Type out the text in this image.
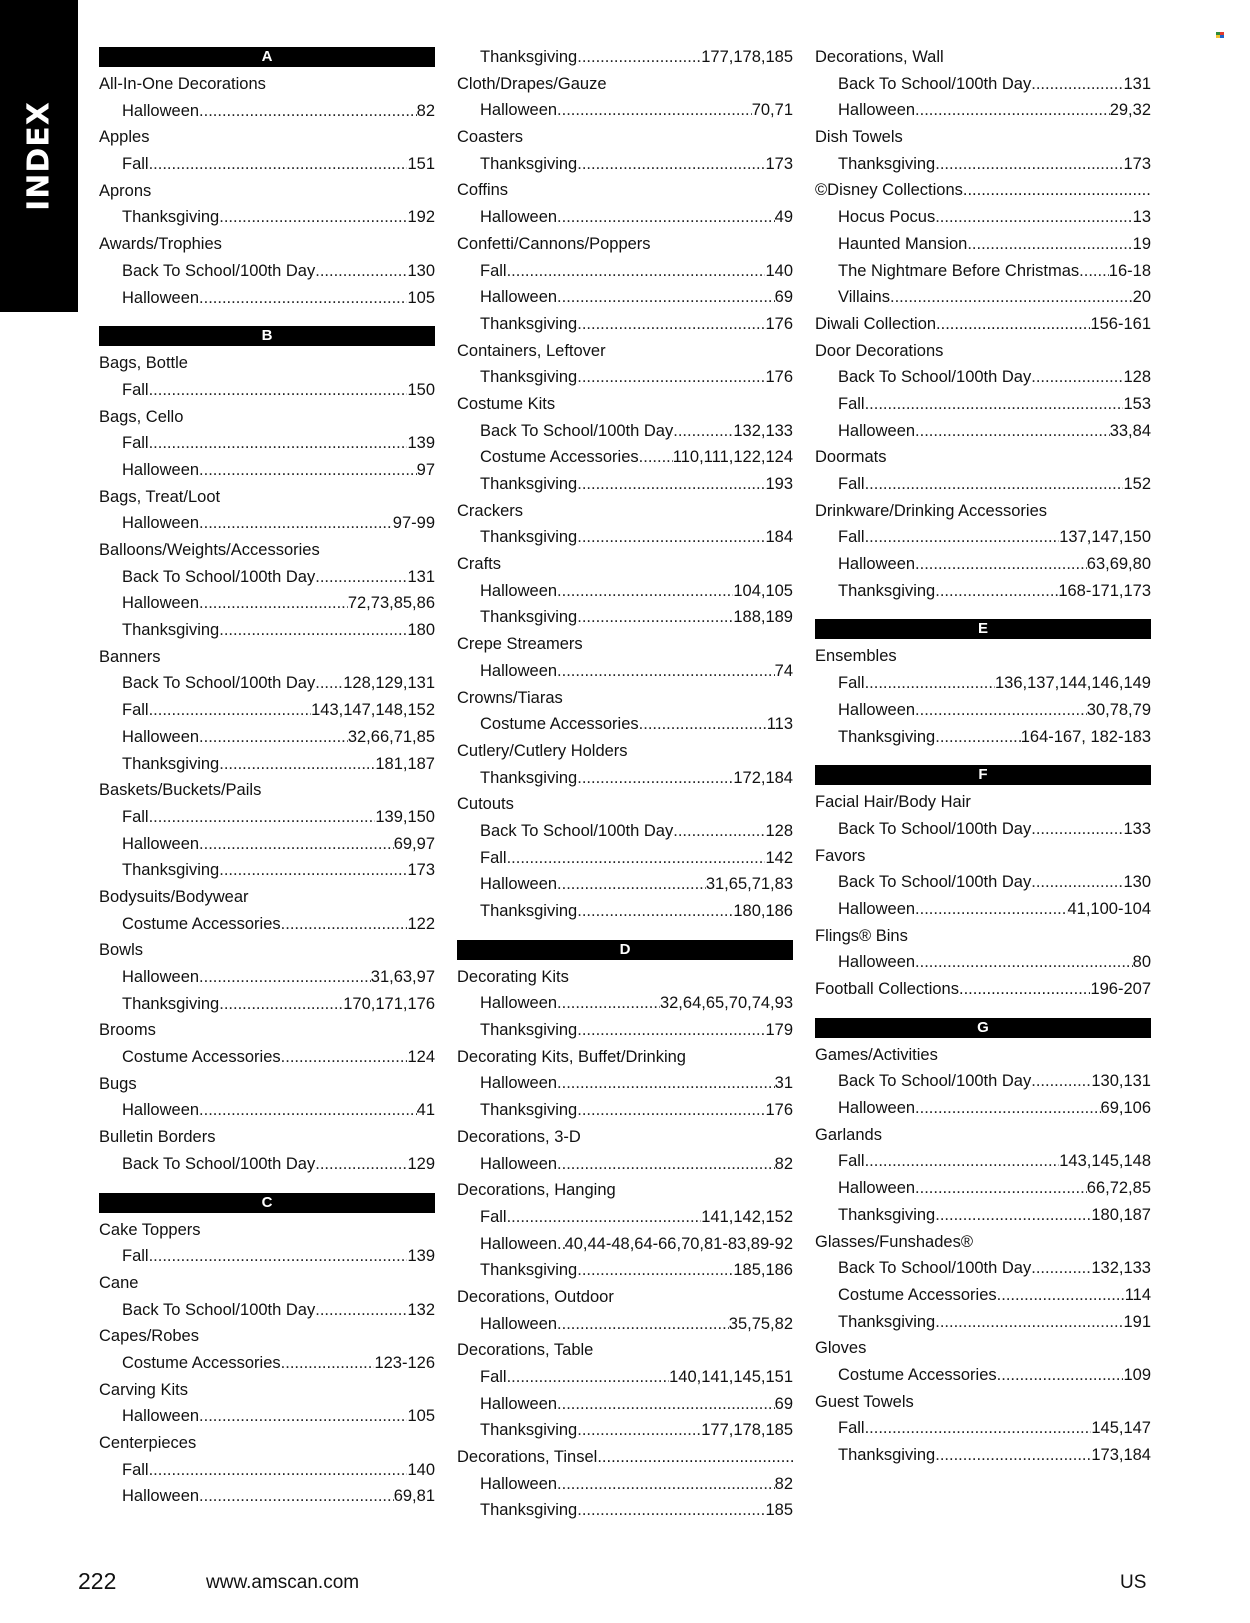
INDEX
A
All-In-One Decorations
Halloween .....	82
Apples
Fall .....	151
Aprons
Thanksgiving .....	192
Awards/Trophies
Back To School/100th Day .....	130
Halloween .....	105
B
Bags, Bottle
Fall .....	150
Bags, Cello
Fall .....	139
Halloween .....	97
Bags, Treat/Loot
Halloween .....	97-99
Balloons/Weights/Accessories
Back To School/100th Day .....	131
Halloween .....	72,73,85,86
Thanksgiving .....	180
Banners
Back To School/100th Day ..... 128,129,131
Fall .....	143,147,148,152
Halloween .....	32,66,71,85
Thanksgiving .....	181,187
Baskets/Buckets/Pails
Fall .....	139,150
Halloween .....	69,97
Thanksgiving .....	173
Bodysuits/Bodywear
Costume Accessories .....	122
Bowls
Halloween .....	31,63,97
Thanksgiving .....	170,171,176
Brooms
Costume Accessories .....	124
Bugs
Halloween .....	41
Bulletin Borders
Back To School/100th Day .....	129
C
Cake Toppers
Fall .....	139
Cane
Back To School/100th Day .....	132
Capes/Robes
Costume Accessories .....	123-126
Carving Kits
Halloween .....	105
Centerpieces
Fall .....	140
Halloween .....	69,81
Thanksgiving .....	177,178,185
Cloth/Drapes/Gauze
Halloween .....	70,71
Coasters
Thanksgiving .....	173
Coffins
Halloween .....	49
Confetti/Cannons/Poppers
Fall .....	140
Halloween .....	69
Thanksgiving .....	176
Containers, Leftover
Thanksgiving .....	176
Costume Kits
Back To School/100th Day .....	132,133
Costume Accessories ..... 110,111,122,124
Thanksgiving .....	193
Crackers
Thanksgiving .....	184
Crafts
Halloween .....	104,105
Thanksgiving .....	188,189
Crepe Streamers
Halloween .....	74
Crowns/Tiaras
Costume Accessories .....	113
Cutlery/Cutlery Holders
Thanksgiving .....	172,184
Cutouts
Back To School/100th Day .....	128
Fall .....	142
Halloween .....	31,65,71,83
Thanksgiving .....	180,186
D
Decorating Kits
Halloween .....	32,64,65,70,74,93
Thanksgiving .....	179
Decorating Kits, Buffet/Drinking
Halloween .....	31
Thanksgiving .....	176
Decorations, 3-D
Halloween .....	82
Decorations, Hanging
Fall .....	141,142,152
Halloween ..... 40,44-48,64-66,70,81-83,89-92
Thanksgiving .....	185,186
Decorations, Outdoor
Halloween .....	35,75,82
Decorations, Table
Fall .....	140,141,145,151
Halloween .....	69
Thanksgiving .....	177,178,185
Decorations, Tinsel
.....
Halloween .....	82
Thanksgiving .....	185
Decorations, Wall
Back To School/100th Day .....	131
Halloween .....	29,32
Dish Towels
Thanksgiving .....	173
©Disney Collections
.....
Hocus Pocus .....	13
Haunted Mansion .....	19
The Nightmare Before Christmas ..... 16-18
Villains .....	20
Diwali Collection .....	156-161
Door Decorations
Back To School/100th Day .....	128
Fall .....	153
Halloween .....	33,84
Doormats
Fall .....	152
Drinkware/Drinking Accessories
Fall .....	137,147,150
Halloween .....	63,69,80
Thanksgiving .....	168-171,173
E
Ensembles
Fall .....	136,137,144,146,149
Halloween .....	30,78,79
Thanksgiving .....	164-167, 182-183
F
Facial Hair/Body Hair
Back To School/100th Day .....	133
Favors
Back To School/100th Day .....	130
Halloween .....	41,100-104
Flings® Bins
Halloween .....	80
Football Collections .....	196-207
G
Games/Activities
Back To School/100th Day .....	130,131
Halloween .....	69,106
Garlands
Fall .....	143,145,148
Halloween .....	66,72,85
Thanksgiving .....	180,187
Glasses/Funshades®
Back To School/100th Day .....	132,133
Costume Accessories .....	114
Thanksgiving .....	191
Gloves
Costume Accessories .....	109
Guest Towels
Fall .....	145,147
Thanksgiving .....	173,184
222	www.amscan.com	US
